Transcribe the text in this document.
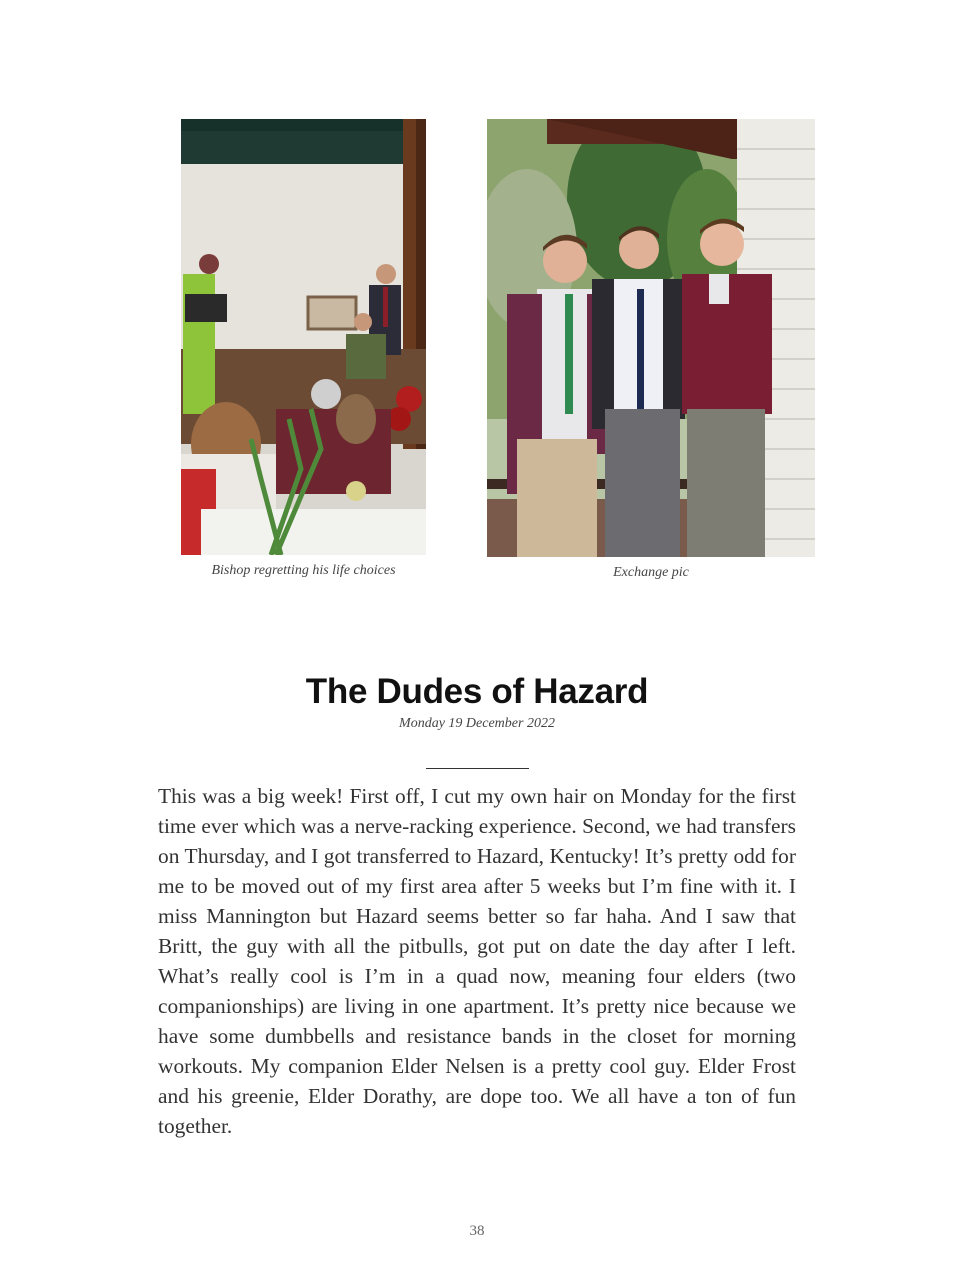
Bishop regretting his life choices	Exchange pic
The Dudes of Hazard
Monday 19 December 2022

This was a big week! First off, I cut my own hair on Monday for the first time ever which was a nerve-racking experience. Second, we had transfers on Thursday, and I got transferred to Hazard, Kentucky! It’s pretty odd for me to be moved out of my first area after 5 weeks but I’m fine with it. I miss Mannington but Hazard seems better so far haha. And I saw that Britt, the guy with all the pitbulls, got put on date the day after I left. What’s really cool is I’m in a quad now, meaning four elders (two companionships) are living in one apartment. It’s pretty nice because we have some dumbbells and resistance bands in the closet for morning workouts. My companion Elder Nelsen is a pretty cool guy. Elder Frost and his greenie, Elder Dorathy, are dope too. We all have a ton of fun together.

38
